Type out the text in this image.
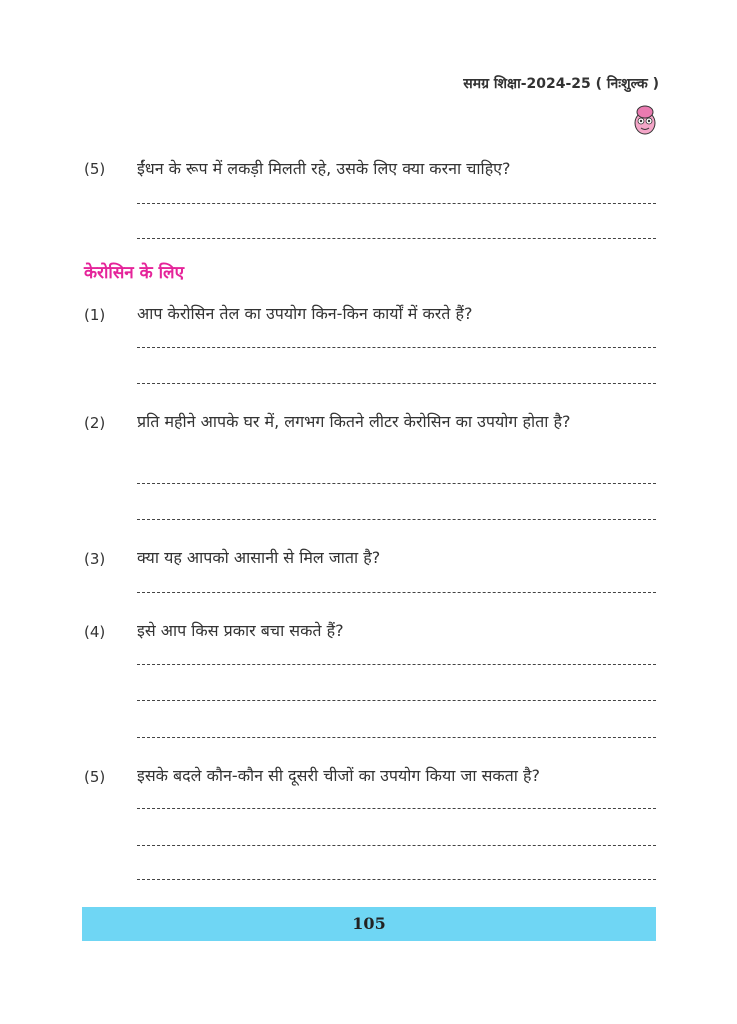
समग्र शिक्षा-2024-25 ( निःशुल्क )
(5) ईंधन के रूप में लकड़ी मिलती रहे, उसके लिए क्या करना चाहिए?
केरोसिन के लिए
(1) आप केरोसिन तेल का उपयोग किन-किन कार्यों में करते हैं?
(2) प्रति महीने आपके घर में, लगभग कितने लीटर केरोसिन का उपयोग होता है?
(3) क्या यह आपको आसानी से मिल जाता है?
(4) इसे आप किस प्रकार बचा सकते हैं?
(5) इसके बदले कौन-कौन सी दूसरी चीजों का उपयोग किया जा सकता है?
105
